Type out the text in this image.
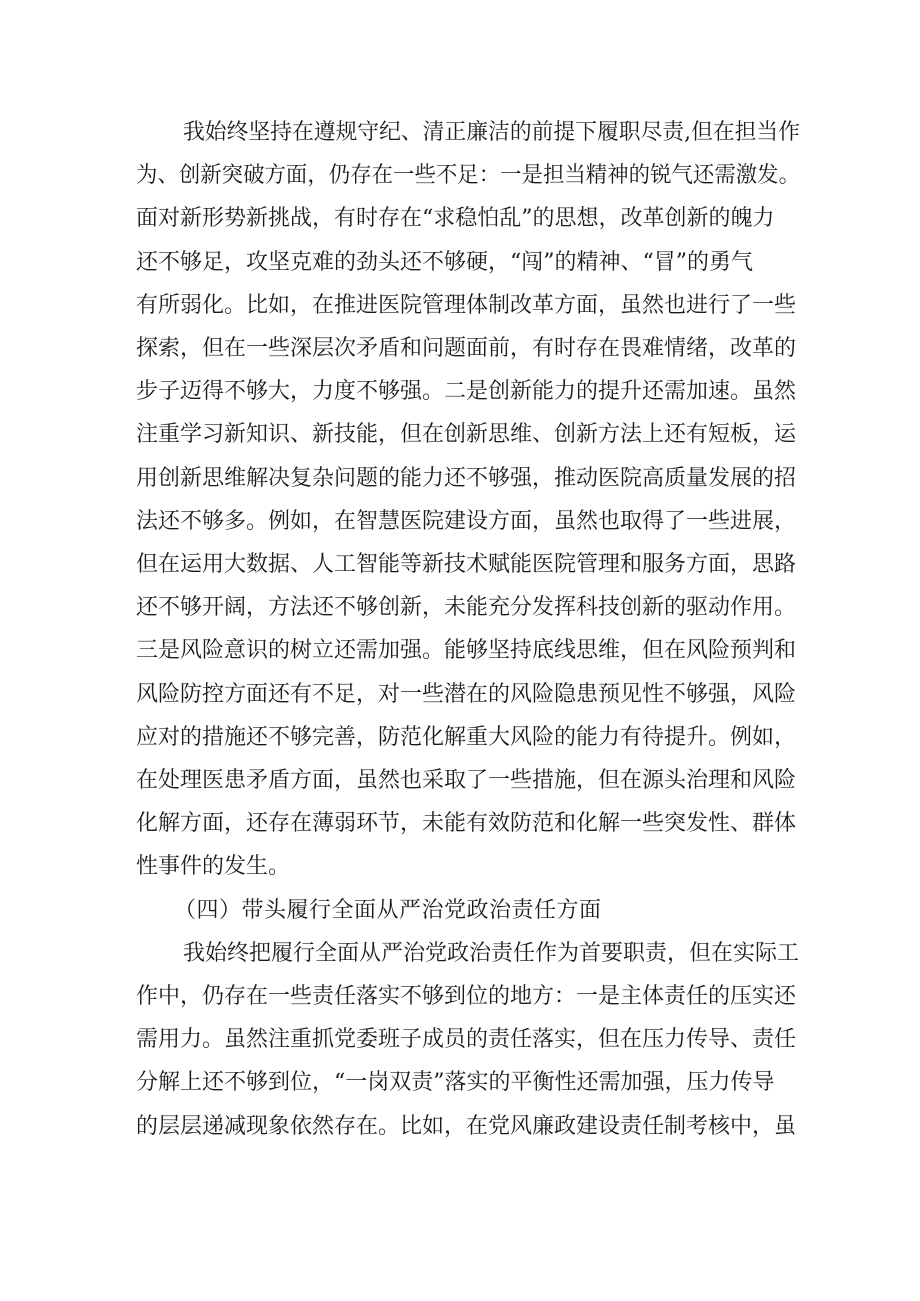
我始终坚持在遵规守纪、清正廉洁的前提下履职尽责,但在担当作
为、创新突破方面，仍存在一些不足：一是担当精神的锐气还需激发。
面对新形势新挑战，有时存在“求稳怕乱”的思想，改革创新的魄力
还不够足，攻坚克难的劲头还不够硬，“闯”的精神、“冒”的勇气
有所弱化。比如，在推进医院管理体制改革方面，虽然也进行了一些
探索，但在一些深层次矛盾和问题面前，有时存在畏难情绪，改革的
步子迈得不够大，力度不够强。二是创新能力的提升还需加速。虽然
注重学习新知识、新技能，但在创新思维、创新方法上还有短板，运
用创新思维解决复杂问题的能力还不够强，推动医院高质量发展的招
法还不够多。例如，在智慧医院建设方面，虽然也取得了一些进展，
但在运用大数据、人工智能等新技术赋能医院管理和服务方面，思路
还不够开阔，方法还不够创新，未能充分发挥科技创新的驱动作用。
三是风险意识的树立还需加强。能够坚持底线思维，但在风险预判和
风险防控方面还有不足，对一些潜在的风险隐患预见性不够强，风险
应对的措施还不够完善，防范化解重大风险的能力有待提升。例如，
在处理医患矛盾方面，虽然也采取了一些措施，但在源头治理和风险
化解方面，还存在薄弱环节，未能有效防范和化解一些突发性、群体
性事件的发生。
（四）带头履行全面从严治党政治责任方面
我始终把履行全面从严治党政治责任作为首要职责，但在实际工
作中，仍存在一些责任落实不够到位的地方：一是主体责任的压实还
需用力。虽然注重抓党委班子成员的责任落实，但在压力传导、责任
分解上还不够到位，“一岗双责”落实的平衡性还需加强，压力传导
的层层递减现象依然存在。比如，在党风廉政建设责任制考核中，虽
